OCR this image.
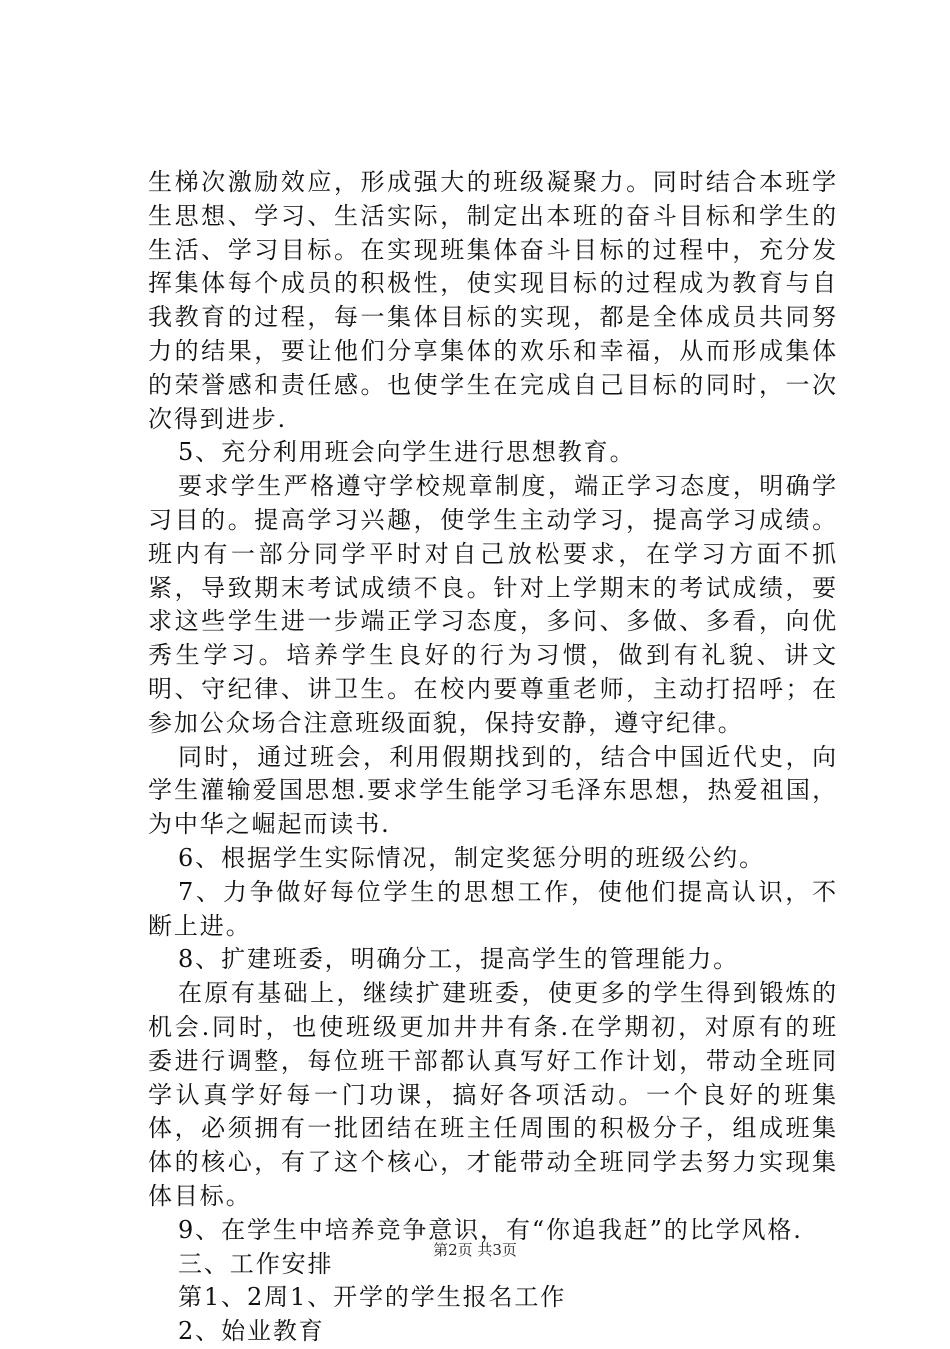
生梯次激励效应，形成强大的班级凝聚力。同时结合本班学生思想、学习、生活实际，制定出本班的奋斗目标和学生的生活、学习目标。在实现班集体奋斗目标的过程中，充分发挥集体每个成员的积极性，使实现目标的过程成为教育与自我教育的过程，每一集体目标的实现，都是全体成员共同努力的结果，要让他们分享集体的欢乐和幸福，从而形成集体的荣誉感和责任感。也使学生在完成自己目标的同时，一次次得到进步.

5、充分利用班会向学生进行思想教育。

要求学生严格遵守学校规章制度，端正学习态度，明确学习目的。提高学习兴趣，使学生主动学习，提高学习成绩。班内有一部分同学平时对自己放松要求，在学习方面不抓紧，导致期末考试成绩不良。针对上学期末的考试成绩，要求这些学生进一步端正学习态度，多问、多做、多看，向优秀生学习。培养学生良好的行为习惯，做到有礼貌、讲文明、守纪律、讲卫生。在校内要尊重老师，主动打招呼；在参加公众场合注意班级面貌，保持安静，遵守纪律。

同时，通过班会，利用假期找到的，结合中国近代史，向学生灌输爱国思想.要求学生能学习毛泽东思想，热爱祖国，为中华之崛起而读书.

6、根据学生实际情况，制定奖惩分明的班级公约。

7、力争做好每位学生的思想工作，使他们提高认识，不断上进。

8、扩建班委，明确分工，提高学生的管理能力。

在原有基础上，继续扩建班委，使更多的学生得到锻炼的机会.同时，也使班级更加井井有条.在学期初，对原有的班委进行调整，每位班干部都认真写好工作计划，带动全班同学认真学好每一门功课，搞好各项活动。一个良好的班集体，必须拥有一批团结在班主任周围的积极分子，组成班集体的核心，有了这个核心，才能带动全班同学去努力实现集体目标。

9、在学生中培养竞争意识，有“你追我赶”的比学风格.

三、工作安排

第1、2周1、开学的学生报名工作

2、始业教育

第2页 共3页
